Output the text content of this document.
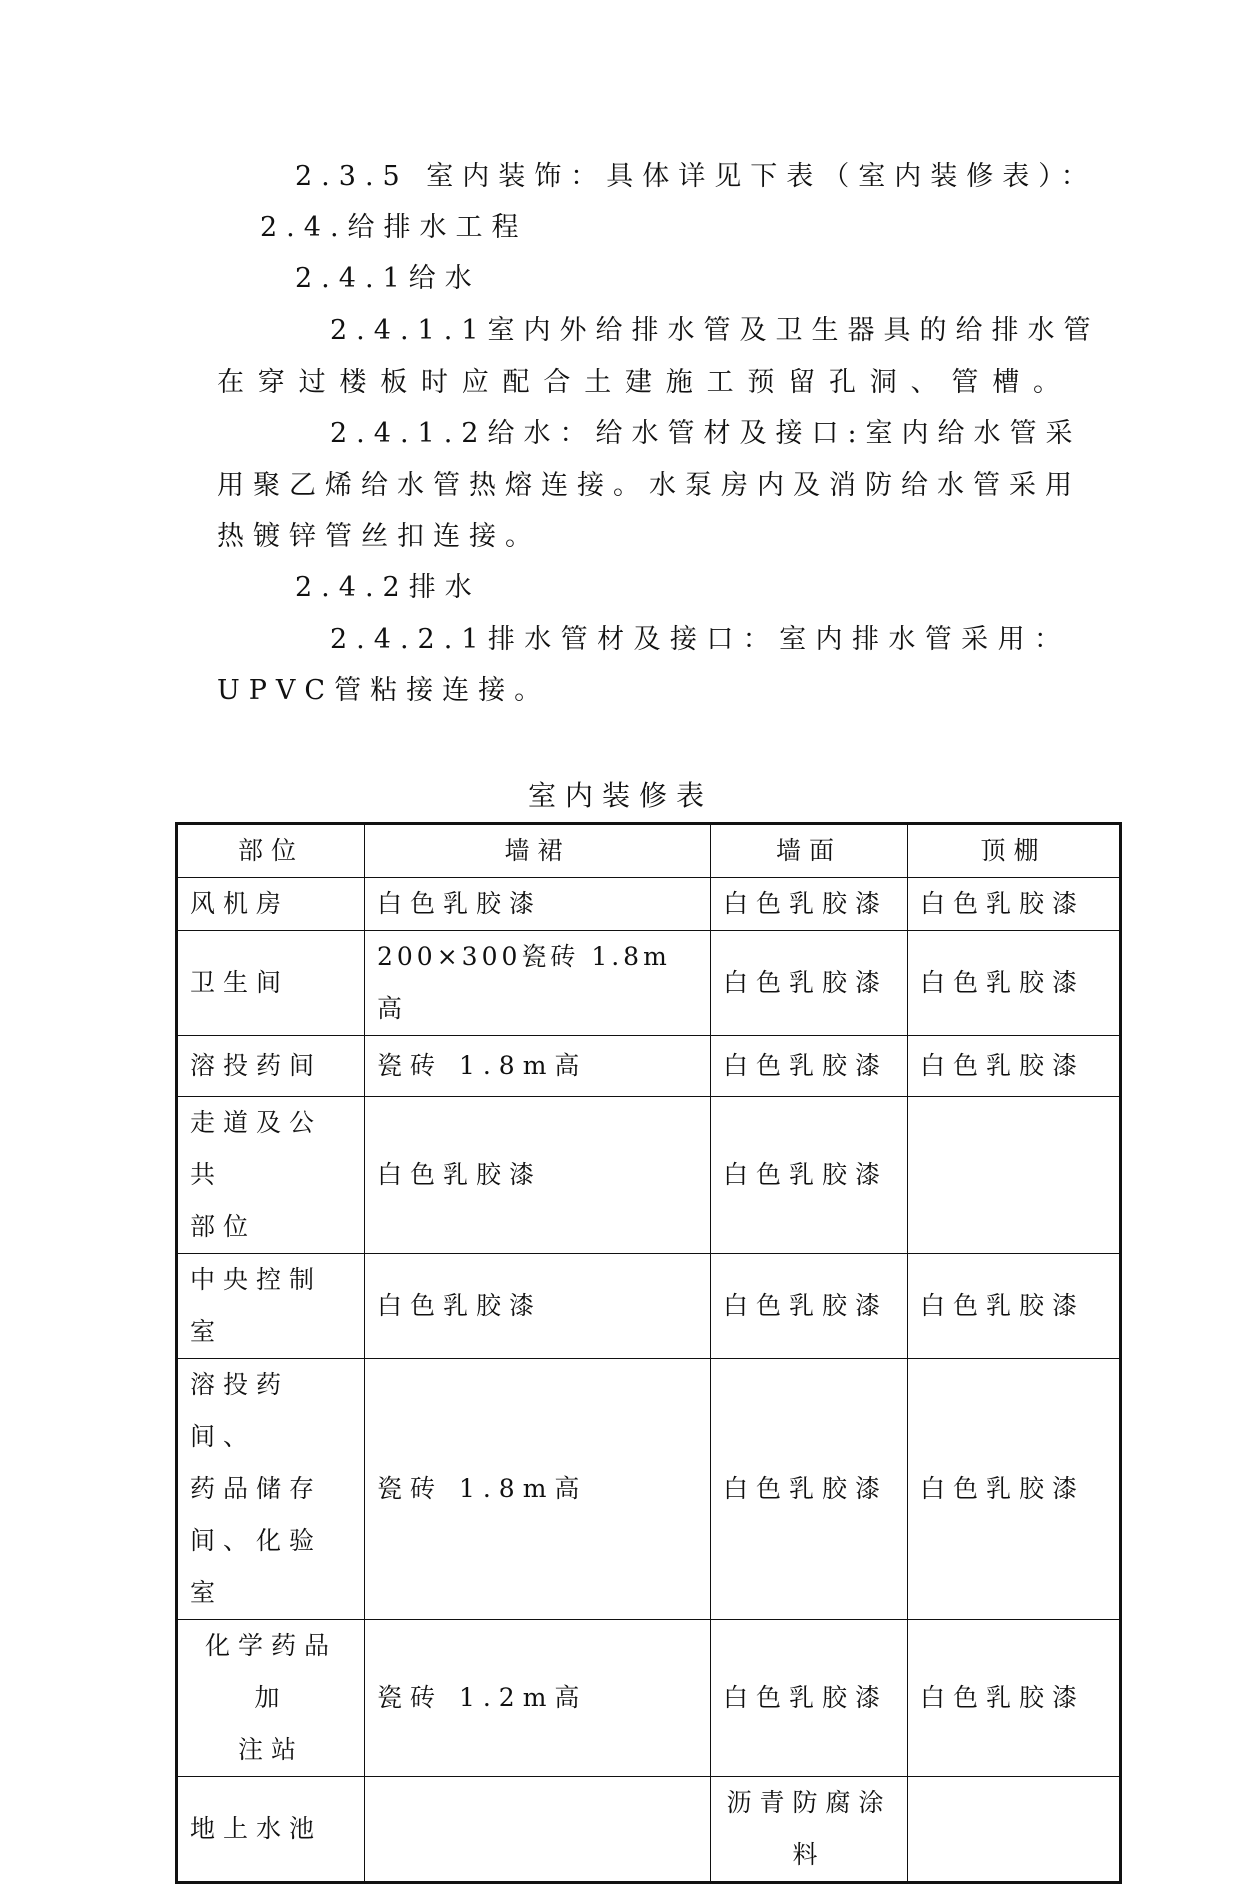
2.3.5 室内装饰：具体详见下表（室内装修表）：
2.4.给排水工程
2.4.1给水
2.4.1.1室内外给排水管及卫生器具的给排水管
在穿过楼板时应配合土建施工预留孔洞、管槽。
2.4.1.2给水：给水管材及接口:室内给水管采
用聚乙烯给水管热熔连接。水泵房内及消防给水管采用
热镀锌管丝扣连接。
2.4.2排水
2.4.2.1排水管材及接口：室内排水管采用：
UPVC管粘接连接。
室内装修表
部位	墙裙	墙面	顶棚
风机房	白色乳胶漆	白色乳胶漆	白色乳胶漆
卫生间	200×300瓷砖 1.8m高	白色乳胶漆	白色乳胶漆
溶投药间	瓷砖 1.8m高	白色乳胶漆	白色乳胶漆

走道及公共
部位	白色乳胶漆	白色乳胶漆	
中央控制室	白色乳胶漆	白色乳胶漆	白色乳胶漆

溶投药间、
药品储存
间、化验室	瓷砖 1.8m高	白色乳胶漆	白色乳胶漆

化学药品加
注站	瓷砖 1.2m高	白色乳胶漆	白色乳胶漆
地上水池		沥青防腐涂
料	
